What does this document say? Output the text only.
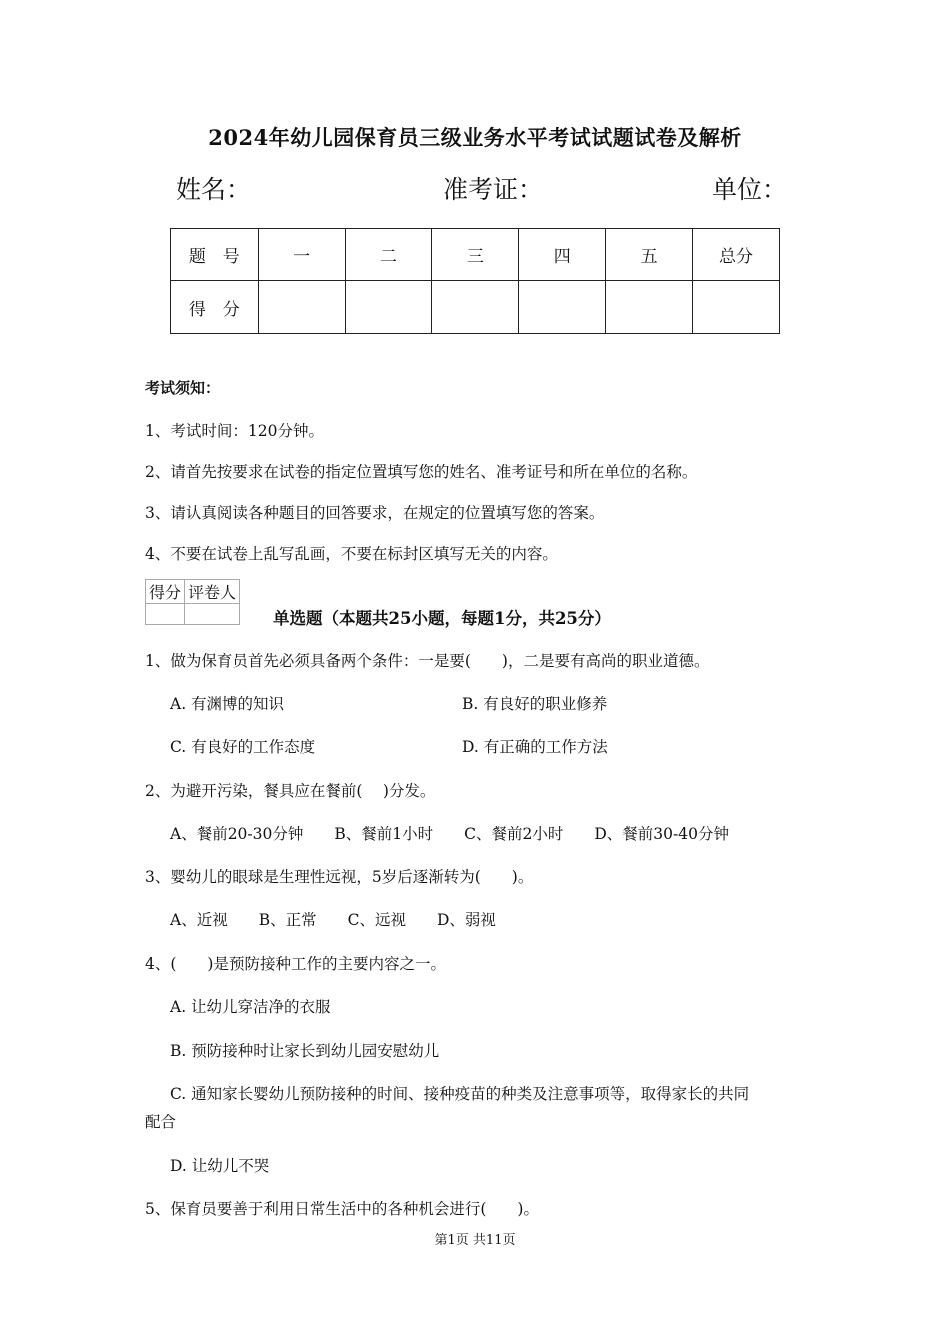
2024年幼儿园保育员三级业务水平考试试题试卷及解析
姓名：	准考证：	单位：
题　号	一	二	三	四	五	总分
得　分						
考试须知：
1、考试时间：120分钟。
2、请首先按要求在试卷的指定位置填写您的姓名、准考证号和所在单位的名称。
3、请认真阅读各种题目的回答要求，在规定的位置填写您的答案。
4、不要在试卷上乱写乱画，不要在标封区填写无关的内容。
得分	评卷人

单选题（本题共25小题，每题1分，共25分）
1、做为保育员首先必须具备两个条件：一是要(　　)，二是要有高尚的职业道德。
A. 有渊博的知识	B. 有良好的职业修养
C. 有良好的工作态度	D. 有正确的工作方法
2、为避开污染，餐具应在餐前(　 )分发。
A、餐前20-30分钟　　B、餐前1小时　　C、餐前2小时　　D、餐前30-40分钟
3、婴幼儿的眼球是生理性远视，5岁后逐渐转为(　　)。
A、近视　　B、正常　　C、远视　　D、弱视
4、(　　)是预防接种工作的主要内容之一。
A. 让幼儿穿洁净的衣服
B. 预防接种时让家长到幼儿园安慰幼儿
C. 通知家长婴幼儿预防接种的时间、接种疫苗的种类及注意事项等，取得家长的共同
配合
D. 让幼儿不哭
5、保育员要善于利用日常生活中的各种机会进行(　　)。
第1页 共11页
